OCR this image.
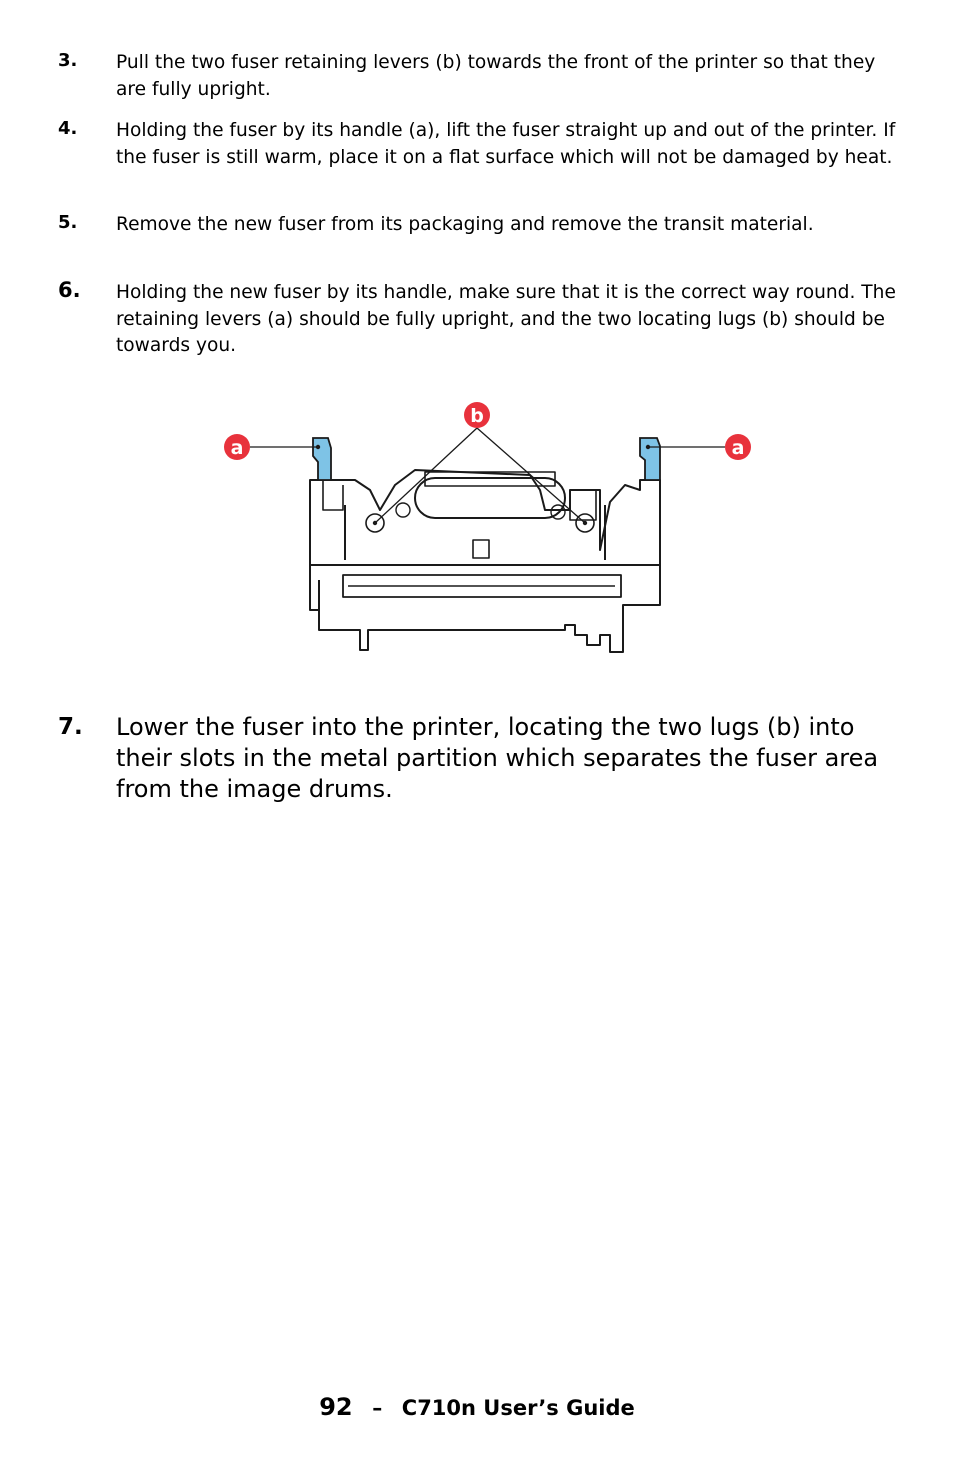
3. Pull the two fuser retaining levers (b) towards the front of the printer so that they are fully upright.
4. Holding the fuser by its handle (a), lift the fuser straight up and out of the printer. If the fuser is still warm, place it on a flat surface which will not be damaged by heat.
5. Remove the new fuser from its packaging and remove the transit material.
6. Holding the new fuser by its handle, make sure that it is the correct way round. The retaining levers (a) should be fully upright, and the two locating lugs (b) should be towards you.
a
b
a
7. Lower the fuser into the printer, locating the two lugs (b) into their slots in the metal partition which separates the fuser area from the image drums.
92 – C710n User’s Guide
